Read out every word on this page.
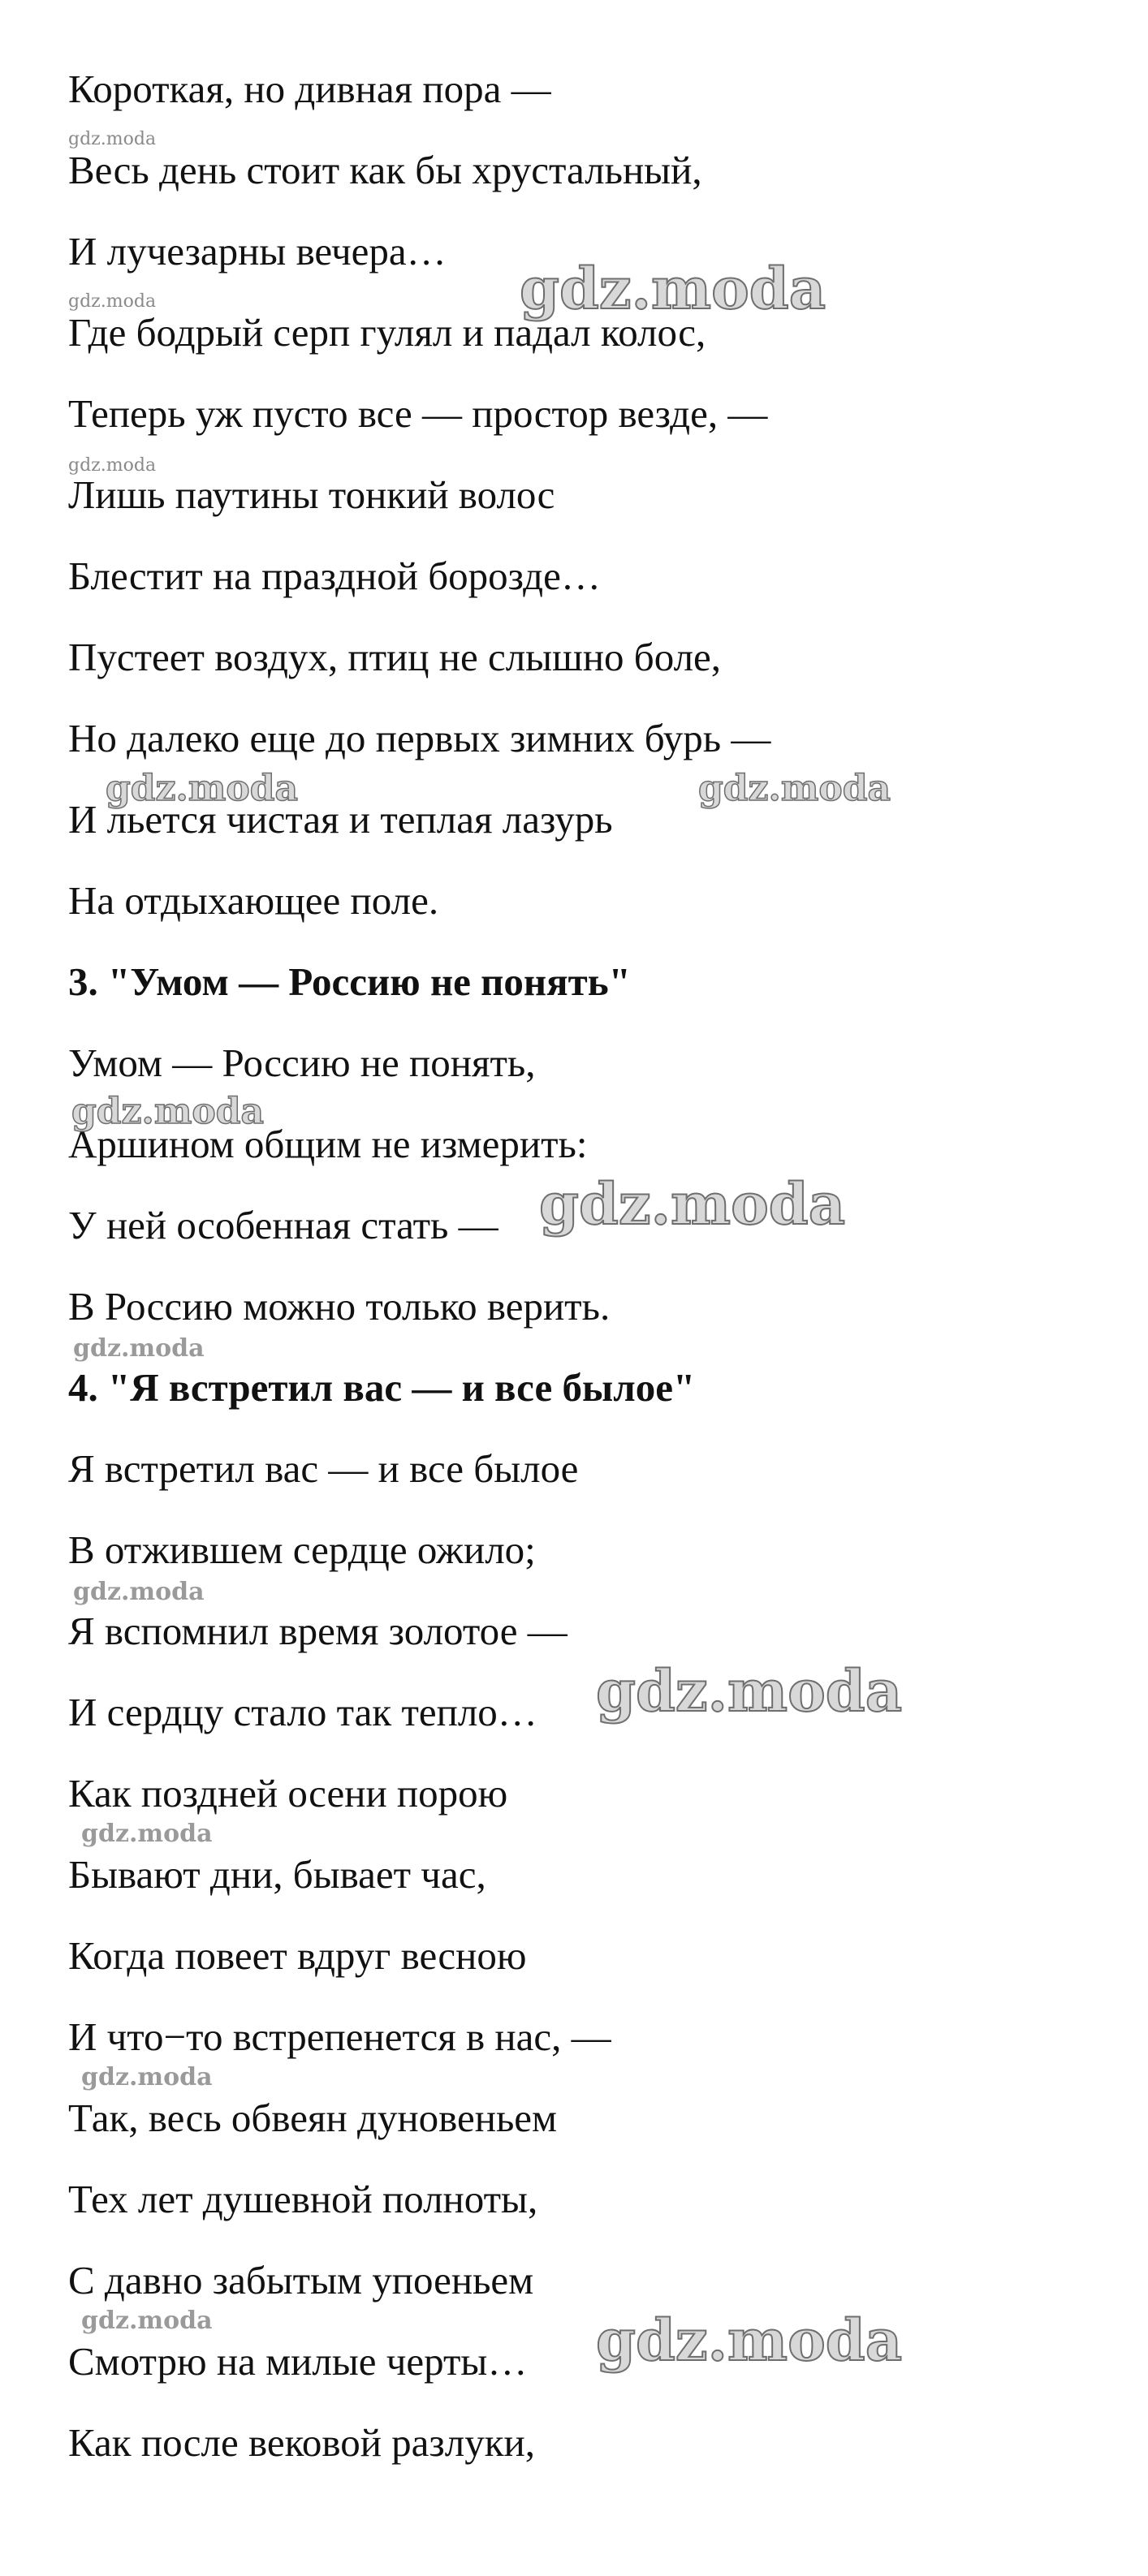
Короткая, но дивная пора —
Весь день стоит как бы хрустальный,
И лучезарны вечера…
Где бодрый серп гулял и падал колос,
Теперь уж пусто все — простор везде, —
Лишь паутины тонкий волос
Блестит на праздной борозде…
Пустеет воздух, птиц не слышно боле,
Но далеко еще до первых зимних бурь —
И льется чистая и теплая лазурь
На отдыхающее поле.
3. "Умом — Россию не понять"
Умом — Россию не понять,
Аршином общим не измерить:
У ней особенная стать —
В Россию можно только верить.
4. "Я встретил вас — и все былое"
Я встретил вас — и все былое
В отжившем сердце ожило;
Я вспомнил время золотое —
И сердцу стало так тепло…
Как поздней осени порою
Бывают дни, бывает час,
Когда повеет вдруг весною
И что−то встрепенется в нас, —
Так, весь обвеян дуновеньем
Тех лет душевной полноты,
С давно забытым упоеньем
Смотрю на милые черты…
Как после вековой разлуки,
gdz.moda
gdz.moda
gdz.moda
gdz.moda
gdz.moda	gdz.moda
gdz.moda
gdz.moda
gdz.moda
gdz.moda
gdz.moda
gdz.moda
gdz.moda
gdz.moda	gdz.moda
